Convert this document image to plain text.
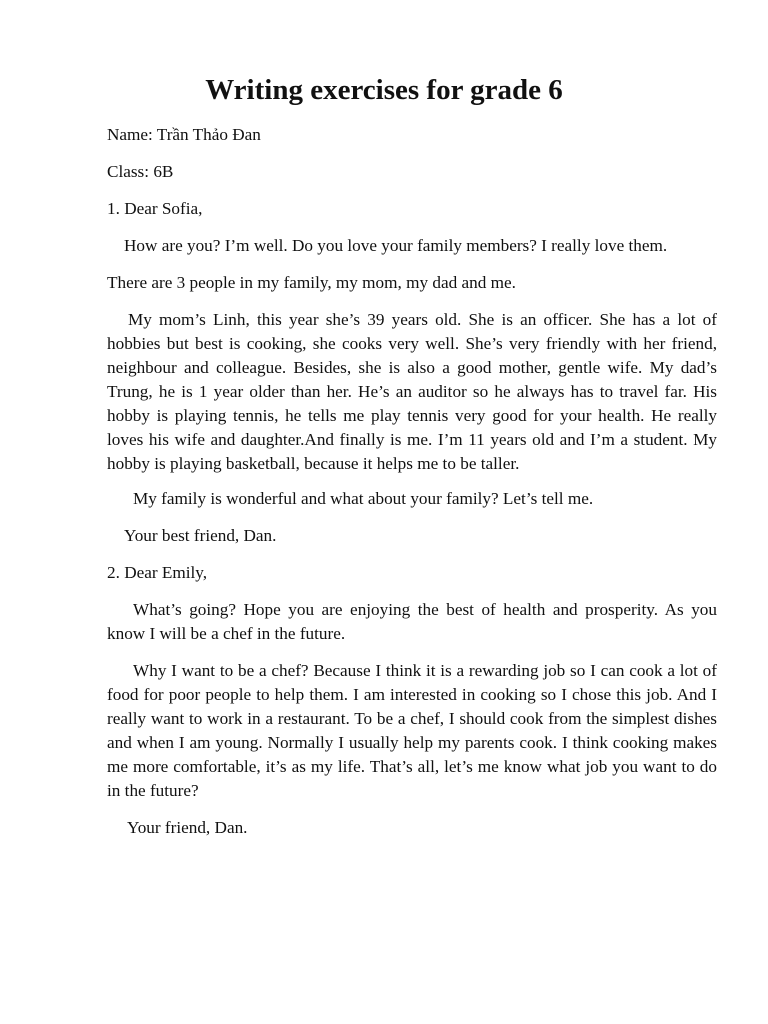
Writing exercises for grade 6
Name: Trần Thảo Đan
Class: 6B
1. Dear Sofia,
How are you? I’m well. Do you love your family members? I really love them.
There are 3 people in my family, my mom, my dad and me.

My mom’s Linh, this year she’s 39 years old. She is an officer. She has a lot of hobbies but best is cooking, she cooks very well. She’s very friendly with her friend, neighbour and colleague. Besides, she is also a good mother, gentle wife. My dad’s Trung, he is 1 year older than her. He’s an auditor so he always has to travel far. His hobby is playing tennis, he tells me play tennis very good for your health. He really loves his wife and daughter.And finally is me. I’m 11 years old and I’m a student. My hobby is playing basketball, because it helps me to be taller.

My family is wonderful and what about your family? Let’s tell me.
Your best friend, Dan.
2. Dear Emily,

What’s going? Hope you are enjoying the best of health and prosperity. As you know I will be a chef in the future.

Why I want to be a chef? Because I think it is a rewarding job so I can cook a lot of food for poor people to help them. I am interested in cooking so I chose this job. And I really want to work in a restaurant. To be a chef, I should cook from the simplest dishes and when I am young. Normally I usually help my parents cook. I think cooking makes me more comfortable, it’s as my life. That’s all, let’s me know what job you want to do in the future?

Your friend, Dan.
